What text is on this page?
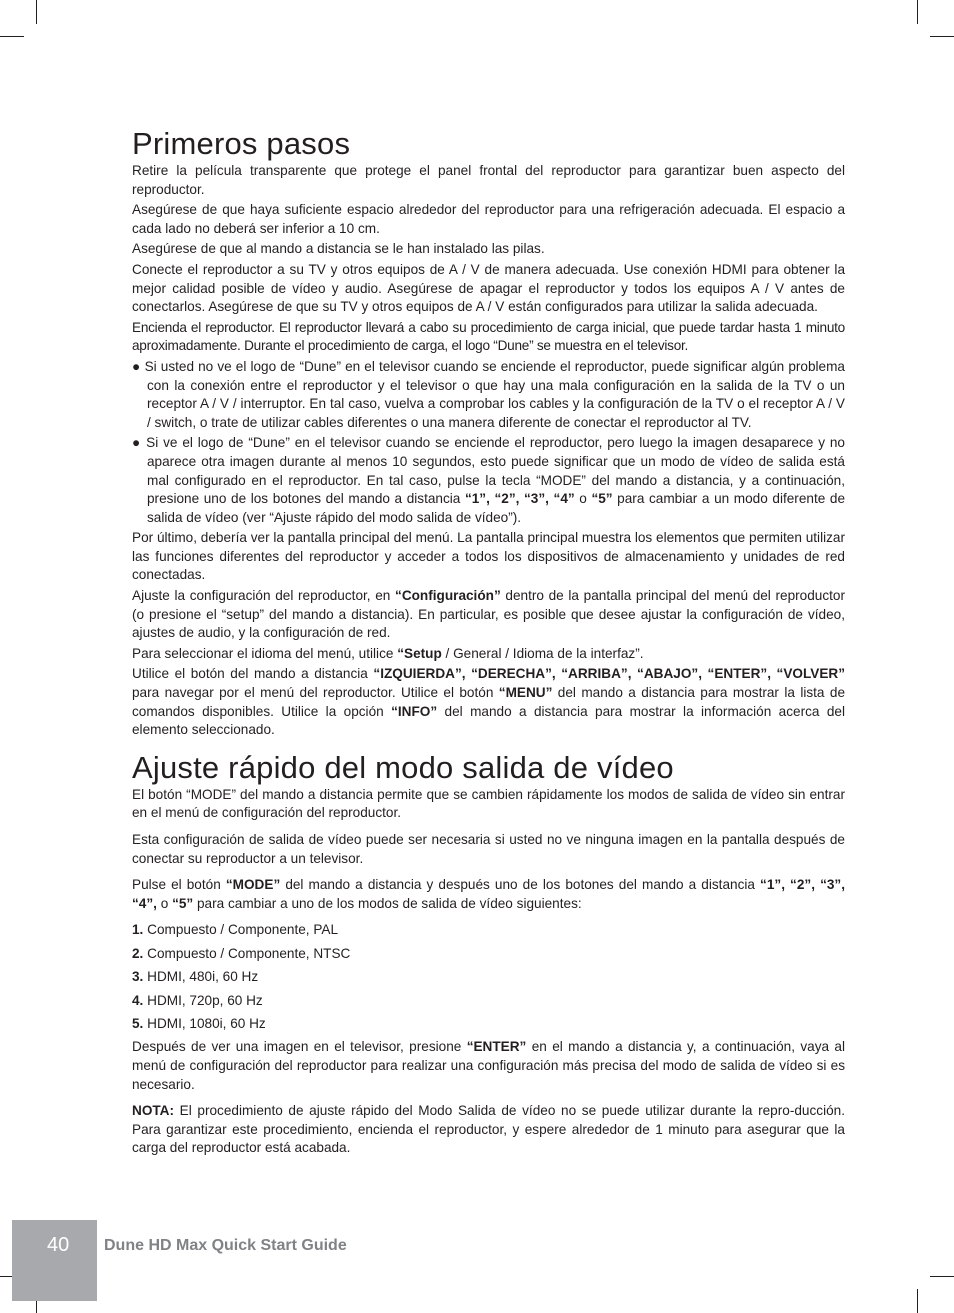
Primeros pasos

Retire la película transparente que protege el panel frontal del reproductor para garantizar buen aspecto del reproductor.

Asegúrese de que haya suficiente espacio alrededor del reproductor para una refrigeración adecuada. El espacio a cada lado no deberá ser inferior a 10 cm.

Asegúrese de que al mando a distancia se le han instalado las pilas.

Conecte el reproductor a su TV y otros equipos de A / V de manera adecuada. Use conexión HDMI para obtener la mejor calidad posible de vídeo y audio. Asegúrese de apagar el reproductor y todos los equipos A / V antes de conectarlos. Asegúrese de que su TV y otros equipos de A / V están configurados para utilizar la salida adecuada.

Encienda el reproductor. El reproductor llevará a cabo su procedimiento de carga inicial, que puede tardar hasta 1 minuto aproximadamente. Durante el procedimiento de carga, el logo “Dune” se muestra en el televisor.

● Si usted no ve el logo de “Dune” en el televisor cuando se enciende el reproductor, puede significar algún problema con la conexión entre el reproductor y el televisor o que hay una mala configuración en la salida de la TV o un receptor A / V / interruptor. En tal caso, vuelva a comprobar los cables y la configuración de la TV o el receptor A / V / switch, o trate de utilizar cables diferentes o una manera diferente de conectar el reproductor al TV.
● Si ve el logo de “Dune” en el televisor cuando se enciende el reproductor, pero luego la imagen desaparece y no aparece otra imagen durante al menos 10 segundos, esto puede significar que un modo de vídeo de salida está mal configurado en el reproductor. En tal caso, pulse la tecla “MODE” del mando a distancia, y a continuación, presione uno de los botones del mando a distancia “1”, “2”, “3”, “4” o “5” para cambiar a un modo diferente de salida de vídeo (ver “Ajuste rápido del modo salida de vídeo”).

Por último, debería ver la pantalla principal del menú. La pantalla principal muestra los elementos que permiten utilizar las funciones diferentes del reproductor y acceder a todos los dispositivos de almacenamiento y unidades de red conectadas.

Ajuste la configuración del reproductor, en “Configuración” dentro de la pantalla principal del menú del reproductor (o presione el “setup” del mando a distancia). En particular, es posible que desee ajustar la configuración de vídeo, ajustes de audio, y la configuración de red.

Para seleccionar el idioma del menú, utilice “Setup / General / Idioma de la interfaz”.

Utilice el botón del mando a distancia “IZQUIERDA”, “DERECHA”, “ARRIBA”, “ABAJO”, “ENTER”, “VOLVER” para navegar por el menú del reproductor. Utilice el botón “MENU” del mando a distancia para mostrar la lista de comandos disponibles. Utilice la opción “INFO” del mando a distancia para mostrar la información acerca del elemento seleccionado.

Ajuste rápido del modo salida de vídeo

El botón “MODE” del mando a distancia permite que se cambien rápidamente los modos de salida de vídeo sin entrar en el menú de configuración del reproductor.

Esta configuración de salida de vídeo puede ser necesaria si usted no ve ninguna imagen en la pantalla después de conectar su reproductor a un televisor.

Pulse el botón “MODE” del mando a distancia y después uno de los botones del mando a distancia “1”, “2”, “3”, “4”, o “5” para cambiar a uno de los modos de salida de vídeo siguientes:

1. Compuesto / Componente, PAL
2. Compuesto / Componente, NTSC
3. HDMI, 480i, 60 Hz
4. HDMI, 720p, 60 Hz
5. HDMI, 1080i, 60 Hz

Después de ver una imagen en el televisor, presione “ENTER” en el mando a distancia y, a continuación, vaya al menú de configuración del reproductor para realizar una configuración más precisa del modo de salida de vídeo si es necesario.

NOTA: El procedimiento de ajuste rápido del Modo Salida de vídeo no se puede utilizar durante la repro-ducción. Para garantizar este procedimiento, encienda el reproductor, y espere alrededor de 1 minuto para asegurar que la carga del reproductor está acabada.

40 Dune HD Max Quick Start Guide
